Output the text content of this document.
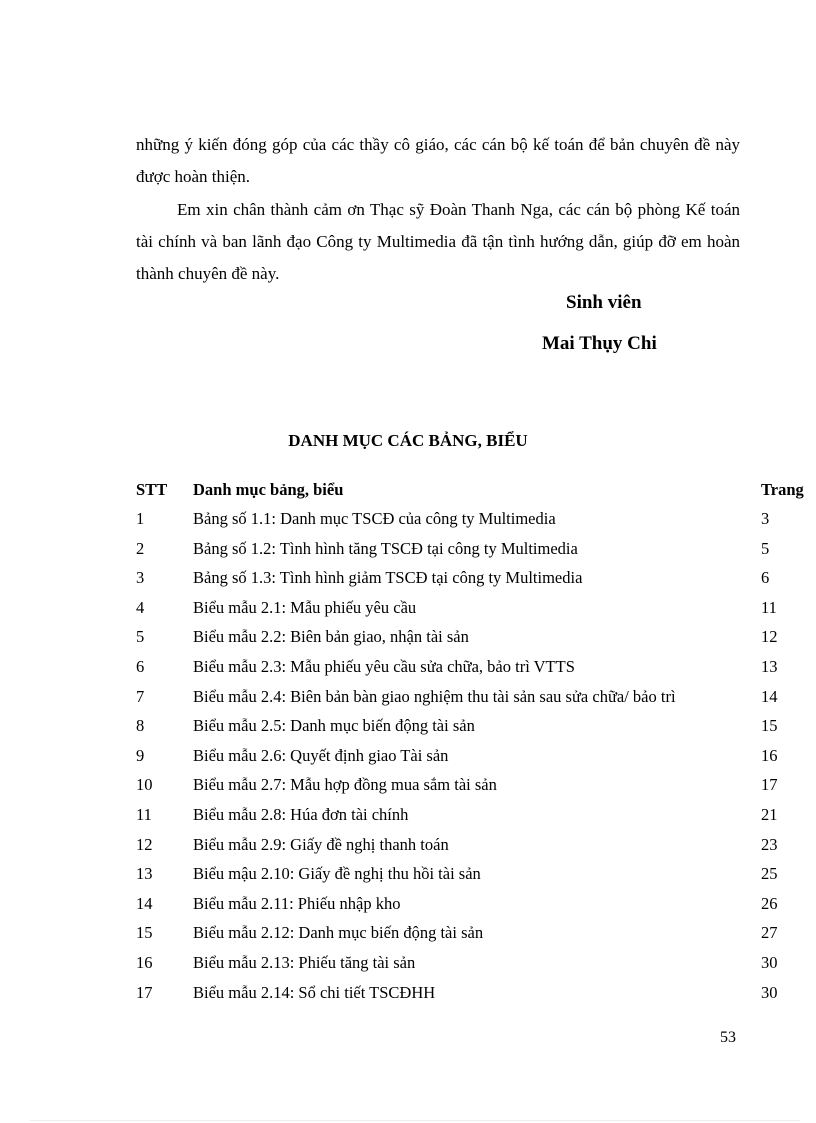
những ý kiến đóng góp của các thầy cô giáo, các cán bộ kế toán để bản chuyên đề này được hoàn thiện.

Em xin chân thành cảm ơn Thạc sỹ Đoàn Thanh Nga, các cán bộ phòng Kế toán tài chính và ban lãnh đạo Công ty Multimedia đã tận tình hướng dẫn, giúp đỡ em hoàn thành chuyên đề này.

Sinh viên
Mai Thụy Chi
DANH MỤC CÁC BẢNG, BIỂU
STT Danh mục bảng, biểu	Trang
1	Bảng số 1.1: Danh mục TSCĐ của công ty Multimedia	3
2	Bảng số 1.2: Tình hình tăng TSCĐ tại công ty Multimedia	5
3	Bảng số 1.3: Tình hình giảm TSCĐ tại công ty Multimedia	6
4	Biểu mẫu 2.1: Mẫu phiếu yêu cầu	11
5	Biểu mẫu 2.2: Biên bản giao, nhận tài sản	12
6	Biểu mẫu 2.3: Mẫu phiếu yêu cầu sửa chữa, bảo trì VTTS	13
7	Biểu mẫu 2.4: Biên bản bàn giao nghiệm thu tài sản sau sửa chữa/ bảo trì	14
8	Biểu mẫu 2.5: Danh mục biến động tài sản	15
9	Biểu mẫu 2.6: Quyết định giao Tài sản	16
10 Biểu mẫu 2.7: Mẫu hợp đồng mua sắm tài sản	17
11 Biểu mẫu 2.8: Húa đơn tài chính	21
12 Biểu mẫu 2.9: Giấy đề nghị thanh toán	23
13 Biểu mậu 2.10: Giấy đề nghị thu hồi tài sản	25
14 Biểu mẫu 2.11: Phiếu nhập kho	26
15 Biểu mẫu 2.12: Danh mục biến động tài sản	27
16 Biểu mẫu 2.13: Phiếu tăng tài sản	30
17 Biểu mẫu 2.14: Sổ chi tiết TSCĐHH	30
53
